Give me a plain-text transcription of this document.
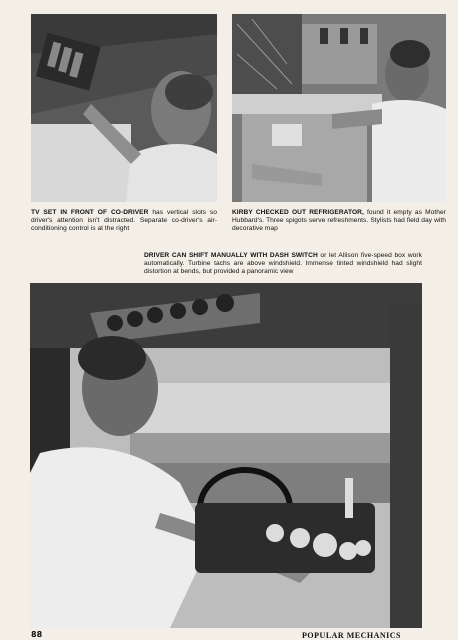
TV SET IN FRONT OF CO-DRIVER has vertical slots so driver's attention isn't distracted. Separate co-driver's air-conditioning control is at the right

KIRBY CHECKED OUT REFRIGERATOR, found it empty as Mother Hubbard's. Three spigots serve refreshments. Stylists had field day with decorative map

DRIVER CAN SHIFT MANUALLY WITH DASH SWITCH or let Allison five-speed box work automatically. Turbine tachs are above windshield. Immense tinted windshield had slight distortion at bends, but provided a panoramic view

88	POPULAR MECHANICS
